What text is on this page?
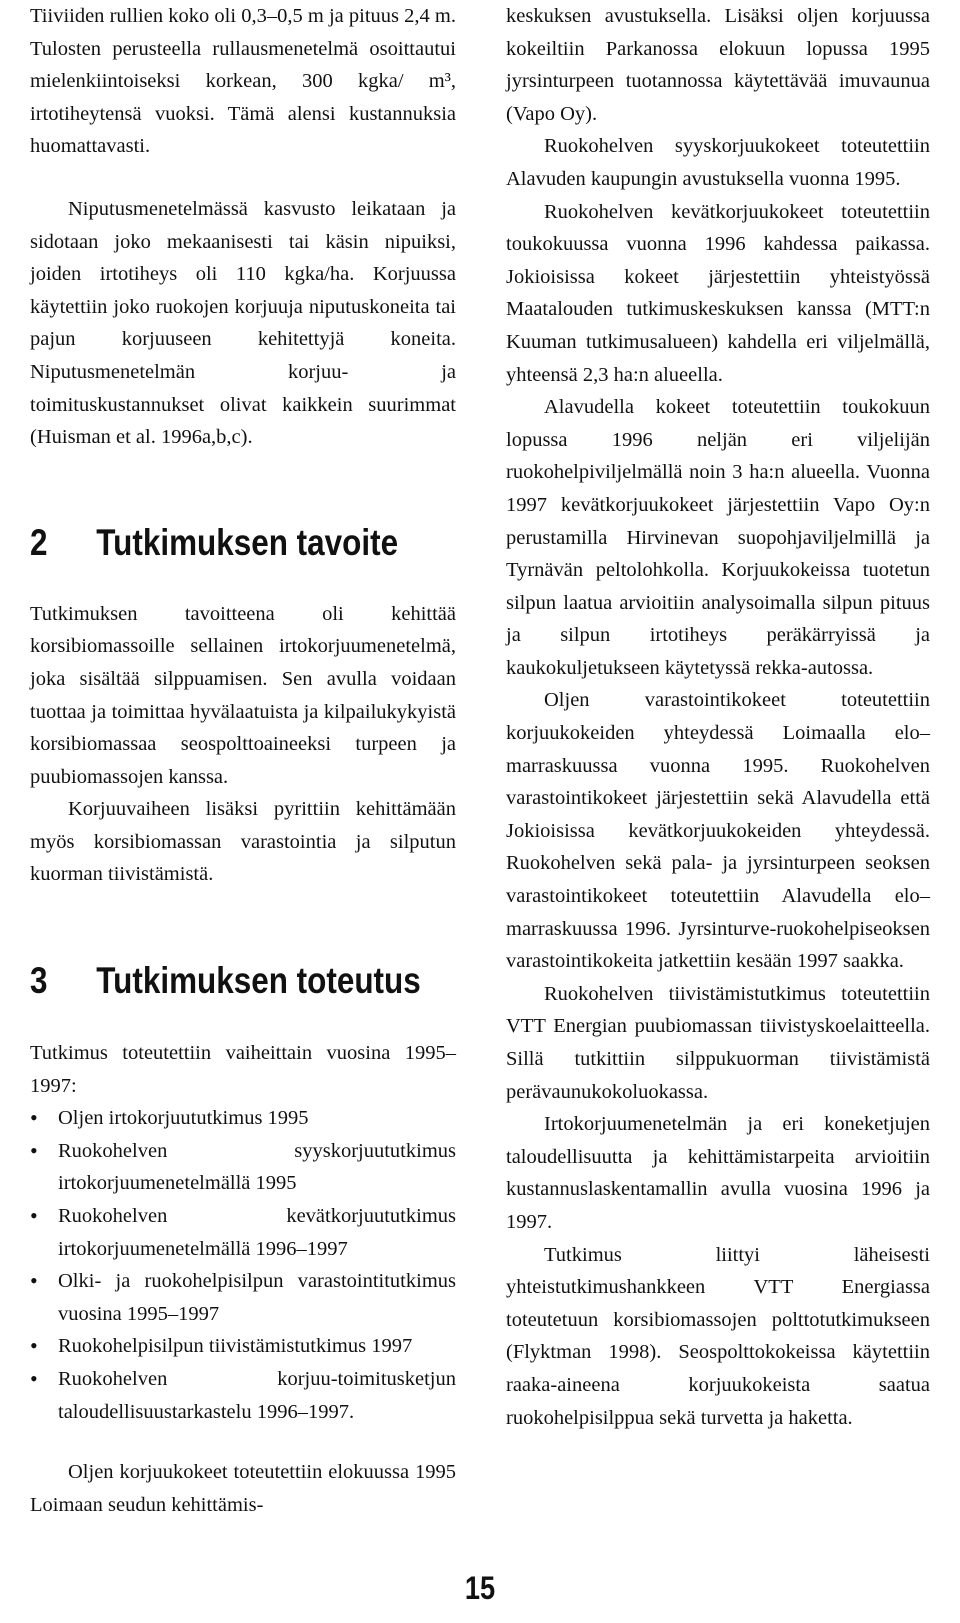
Tiiviiden rullien koko oli 0,3–0,5 m ja pituus 2,4 m. Tulosten perusteella rullausmenetelmä osoittautui mielenkiintoiseksi korkean, 300 kgka/ m³, irtotiheytensä vuoksi. Tämä alensi kustannuksia huomattavasti.

Niputusmenetelmässä kasvusto leikataan ja sidotaan joko mekaanisesti tai käsin nipuiksi, joiden irtotiheys oli 110 kgka/ha. Korjuussa käytettiin joko ruokojen korjuuja niputuskoneita tai pajun korjuuseen kehitettyjä koneita. Niputusmenetelmän korjuu- ja toimituskustannukset olivat kaikkein suurimmat (Huisman et al. 1996a,b,c).

2 Tutkimuksen tavoite

Tutkimuksen tavoitteena oli kehittää korsibiomassoille sellainen irtokorjuumenetelmä, joka sisältää silppuamisen. Sen avulla voidaan tuottaa ja toimittaa hyvälaatuista ja kilpailukykyistä korsibiomassaa seospolttoaineeksi turpeen ja puubiomassojen kanssa.

Korjuuvaiheen lisäksi pyrittiin kehittämään myös korsibiomassan varastointia ja silputun kuorman tiivistämistä.

3 Tutkimuksen toteutus

Tutkimus toteutettiin vaiheittain vuosina 1995–1997:

• Oljen irtokorjuututkimus 1995
• Ruokohelven syyskorjuututkimus irtokorjuumenetelmällä 1995
• Ruokohelven kevätkorjuututkimus irtokorjuumenetelmällä 1996–1997
• Olki- ja ruokohelpisilpun varastointitutkimus vuosina 1995–1997
• Ruokohelpisilpun tiivistämistutkimus 1997
• Ruokohelven korjuu-toimitusketjun taloudellisuustarkastelu 1996–1997.

Oljen korjuukokeet toteutettiin elokuussa 1995 Loimaan seudun kehittämis-

keskuksen avustuksella. Lisäksi oljen korjuussa kokeiltiin Parkanossa elokuun lopussa 1995 jyrsinturpeen tuotannossa käytettävää imuvaunua (Vapo Oy).

Ruokohelven syyskorjuukokeet toteutettiin Alavuden kaupungin avustuksella vuonna 1995.

Ruokohelven kevätkorjuukokeet toteutettiin toukokuussa vuonna 1996 kahdessa paikassa. Jokioisissa kokeet järjestettiin yhteistyössä Maatalouden tutkimuskeskuksen kanssa (MTT:n Kuuman tutkimusalueen) kahdella eri viljelmällä, yhteensä 2,3 ha:n alueella.

Alavudella kokeet toteutettiin toukokuun lopussa 1996 neljän eri viljelijän ruokohelpiviljelmällä noin 3 ha:n alueella. Vuonna 1997 kevätkorjuukokeet järjestettiin Vapo Oy:n perustamilla Hirvinevan suopohjaviljelmillä ja Tyrnävän peltolohkolla. Korjuukokeissa tuotetun silpun laatua arvioitiin analysoimalla silpun pituus ja silpun irtotiheys peräkärryissä ja kaukokuljetukseen käytetyssä rekka-autossa.

Oljen varastointikokeet toteutettiin korjuukokeiden yhteydessä Loimaalla elo–marraskuussa vuonna 1995. Ruokohelven varastointikokeet järjestettiin sekä Alavudella että Jokioisissa kevätkorjuukokeiden yhteydessä. Ruokohelven sekä pala- ja jyrsinturpeen seoksen varastointikokeet toteutettiin Alavudella elo–marraskuussa 1996. Jyrsinturve-ruokohelpiseoksen varastointikokeita jatkettiin kesään 1997 saakka.

Ruokohelven tiivistämistutkimus toteutettiin VTT Energian puubiomassan tiivistyskoelaitteella. Sillä tutkittiin silppukuorman tiivistämistä perävaunukokoluokassa.

Irtokorjuumenetelmän ja eri koneketjujen taloudellisuutta ja kehittämistarpeita arvioitiin kustannuslaskentamallin avulla vuosina 1996 ja 1997.

Tutkimus liittyi läheisesti yhteistutkimushankkeen VTT Energiassa toteutetuun korsibiomassojen polttotutkimukseen (Flyktman 1998). Seospolttokokeissa käytettiin raaka-aineena korjuukokeista saatua ruokohelpisilppua sekä turvetta ja haketta.

15
